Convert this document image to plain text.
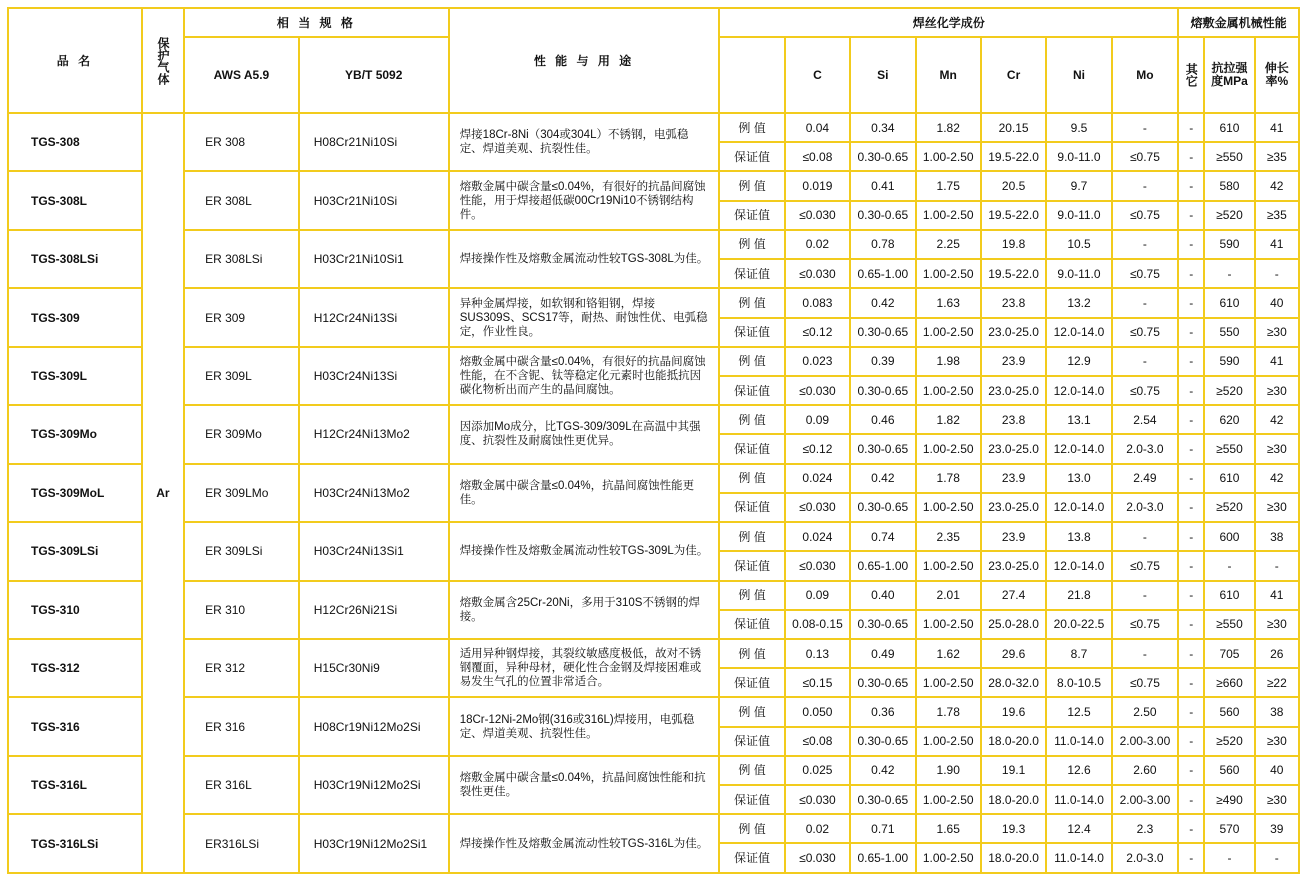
品 名	保护气体	相 当 规 格		性 能 与 用 途	焊丝化学成份							熔敷金属机械性能		
		AWS A5.9	YB/T 5092			C	Si	Mn	Cr	Ni	Mo	其它	抗拉强度MPa	伸长率%

TGS-308	Ar	ER 308	H08Cr21Ni10Si	焊接18Cr-8Ni（304或304L）不锈钢，电弧稳定、焊道美观、抗裂性佳。	例 值	0.04	0.34	1.82	20.15	9.5	-	-	610	41
					保证值	≤0.08	0.30-0.65	1.00-2.50	19.5-22.0	9.0-11.0	≤0.75	-	≥550	≥35
TGS-308L		ER 308L	H03Cr21Ni10Si	熔敷金属中碳含量≤0.04%，有很好的抗晶间腐蚀性能，用于焊接超低碳00Cr19Ni10不锈钢结构件。	例 值	0.019	0.41	1.75	20.5	9.7	-	-	580	42
					保证值	≤0.030	0.30-0.65	1.00-2.50	19.5-22.0	9.0-11.0	≤0.75	-	≥520	≥35
TGS-308LSi		ER 308LSi	H03Cr21Ni10Si1	焊接操作性及熔敷金属流动性较TGS-308L为佳。	例 值	0.02	0.78	2.25	19.8	10.5	-	-	590	41
					保证值	≤0.030	0.65-1.00	1.00-2.50	19.5-22.0	9.0-11.0	≤0.75	-	-	-
TGS-309		ER 309	H12Cr24Ni13Si	异种金属焊接，如软钢和铬钼钢，焊接SUS309S、SCS17等，耐热、耐蚀性优、电弧稳定，作业性良。	例 值	0.083	0.42	1.63	23.8	13.2	-	-	610	40
					保证值	≤0.12	0.30-0.65	1.00-2.50	23.0-25.0	12.0-14.0	≤0.75	-	550	≥30
TGS-309L		ER 309L	H03Cr24Ni13Si	熔敷金属中碳含量≤0.04%，有很好的抗晶间腐蚀性能，在不含铌、钛等稳定化元素时也能抵抗因碳化物析出而产生的晶间腐蚀。	例 值	0.023	0.39	1.98	23.9	12.9	-	-	590	41
					保证值	≤0.030	0.30-0.65	1.00-2.50	23.0-25.0	12.0-14.0	≤0.75	-	≥520	≥30
TGS-309Mo		ER 309Mo	H12Cr24Ni13Mo2	因添加Mo成分，比TGS-309/309L在高温中其强度、抗裂性及耐腐蚀性更优异。	例 值	0.09	0.46	1.82	23.8	13.1	2.54	-	620	42
					保证值	≤0.12	0.30-0.65	1.00-2.50	23.0-25.0	12.0-14.0	2.0-3.0	-	≥550	≥30
TGS-309MoL		ER 309LMo	H03Cr24Ni13Mo2	熔敷金属中碳含量≤0.04%，抗晶间腐蚀性能更佳。	例 值	0.024	0.42	1.78	23.9	13.0	2.49	-	610	42
					保证值	≤0.030	0.30-0.65	1.00-2.50	23.0-25.0	12.0-14.0	2.0-3.0	-	≥520	≥30
TGS-309LSi		ER 309LSi	H03Cr24Ni13Si1	焊接操作性及熔敷金属流动性较TGS-309L为佳。	例 值	0.024	0.74	2.35	23.9	13.8	-	-	600	38
					保证值	≤0.030	0.65-1.00	1.00-2.50	23.0-25.0	12.0-14.0	≤0.75	-	-	-
TGS-310		ER 310	H12Cr26Ni21Si	熔敷金属含25Cr-20Ni，多用于310S不锈钢的焊接。	例 值	0.09	0.40	2.01	27.4	21.8	-	-	610	41
					保证值	0.08-0.15	0.30-0.65	1.00-2.50	25.0-28.0	20.0-22.5	≤0.75	-	≥550	≥30
TGS-312		ER 312	H15Cr30Ni9	适用异种钢焊接，其裂纹敏感度极低，故对不锈钢覆面，异种母材，硬化性合金钢及焊接困难或易发生气孔的位置非常适合。	例 值	0.13	0.49	1.62	29.6	8.7	-	-	705	26
					保证值	≤0.15	0.30-0.65	1.00-2.50	28.0-32.0	8.0-10.5	≤0.75	-	≥660	≥22
TGS-316		ER 316	H08Cr19Ni12Mo2Si	18Cr-12Ni-2Mo钢(316或316L)焊接用，电弧稳定、焊道美观、抗裂性佳。	例 值	0.050	0.36	1.78	19.6	12.5	2.50	-	560	38
					保证值	≤0.08	0.30-0.65	1.00-2.50	18.0-20.0	11.0-14.0	2.00-3.00	-	≥520	≥30
TGS-316L		ER 316L	H03Cr19Ni12Mo2Si	熔敷金属中碳含量≤0.04%，抗晶间腐蚀性能和抗裂性更佳。	例 值	0.025	0.42	1.90	19.1	12.6	2.60	-	560	40
					保证值	≤0.030	0.30-0.65	1.00-2.50	18.0-20.0	11.0-14.0	2.00-3.00	-	≥490	≥30
TGS-316LSi		ER316LSi	H03Cr19Ni12Mo2Si1	焊接操作性及熔敷金属流动性较TGS-316L为佳。	例 值	0.02	0.71	1.65	19.3	12.4	2.3	-	570	39
					保证值	≤0.030	0.65-1.00	1.00-2.50	18.0-20.0	11.0-14.0	2.0-3.0	-	-	-
